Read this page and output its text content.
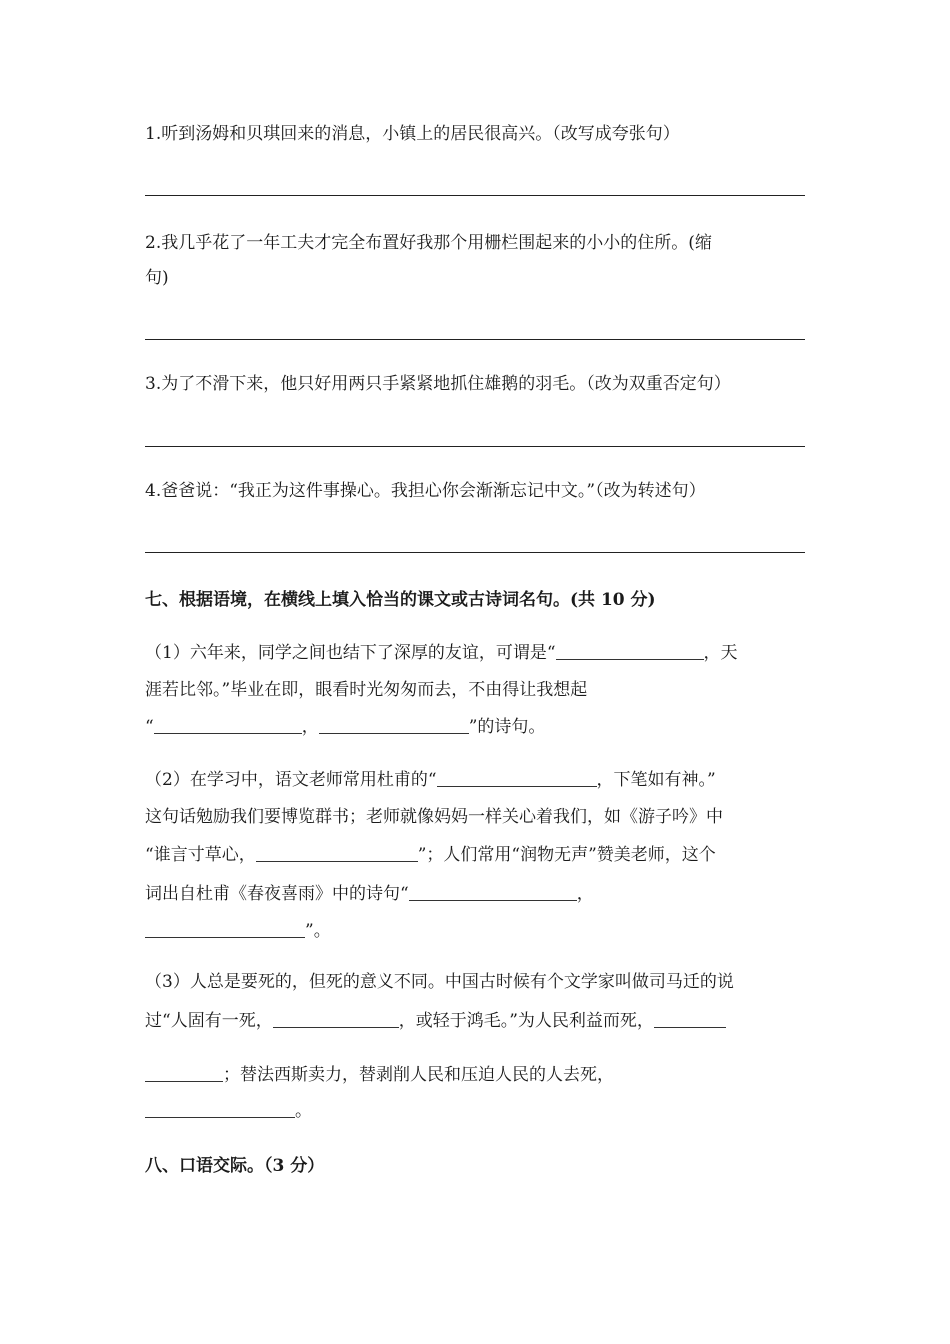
1.听到汤姆和贝琪回来的消息，小镇上的居民很高兴。（改写成夸张句）
2.我几乎花了一年工夫才完全布置好我那个用栅栏围起来的小小的住所。(缩
句)
3.为了不滑下来，他只好用两只手紧紧地抓住雄鹅的羽毛。（改为双重否定句）
4.爸爸说：“我正为这件事操心。我担心你会渐渐忘记中文。”（改为转述句）
七、根据语境，在横线上填入恰当的课文或古诗词名句。(共 10 分)
（1）六年来，同学之间也结下了深厚的友谊，可谓是“	，天
涯若比邻。”毕业在即，眼看时光匆匆而去，不由得让我想起
“	，	”的诗句。
（2）在学习中，语文老师常用杜甫的“	，下笔如有神。”
这句话勉励我们要博览群书；老师就像妈妈一样关心着我们，如《游子吟》中
“谁言寸草心，	”；人们常用“润物无声”赞美老师，这个
词出自杜甫《春夜喜雨》中的诗句“	，
”。
（3）人总是要死的，但死的意义不同。中国古时候有个文学家叫做司马迁的说
过“人固有一死，	，或轻于鸿毛。”为人民利益而死，
；替法西斯卖力，替剥削人民和压迫人民的人去死，
。
八、口语交际。（3 分）
